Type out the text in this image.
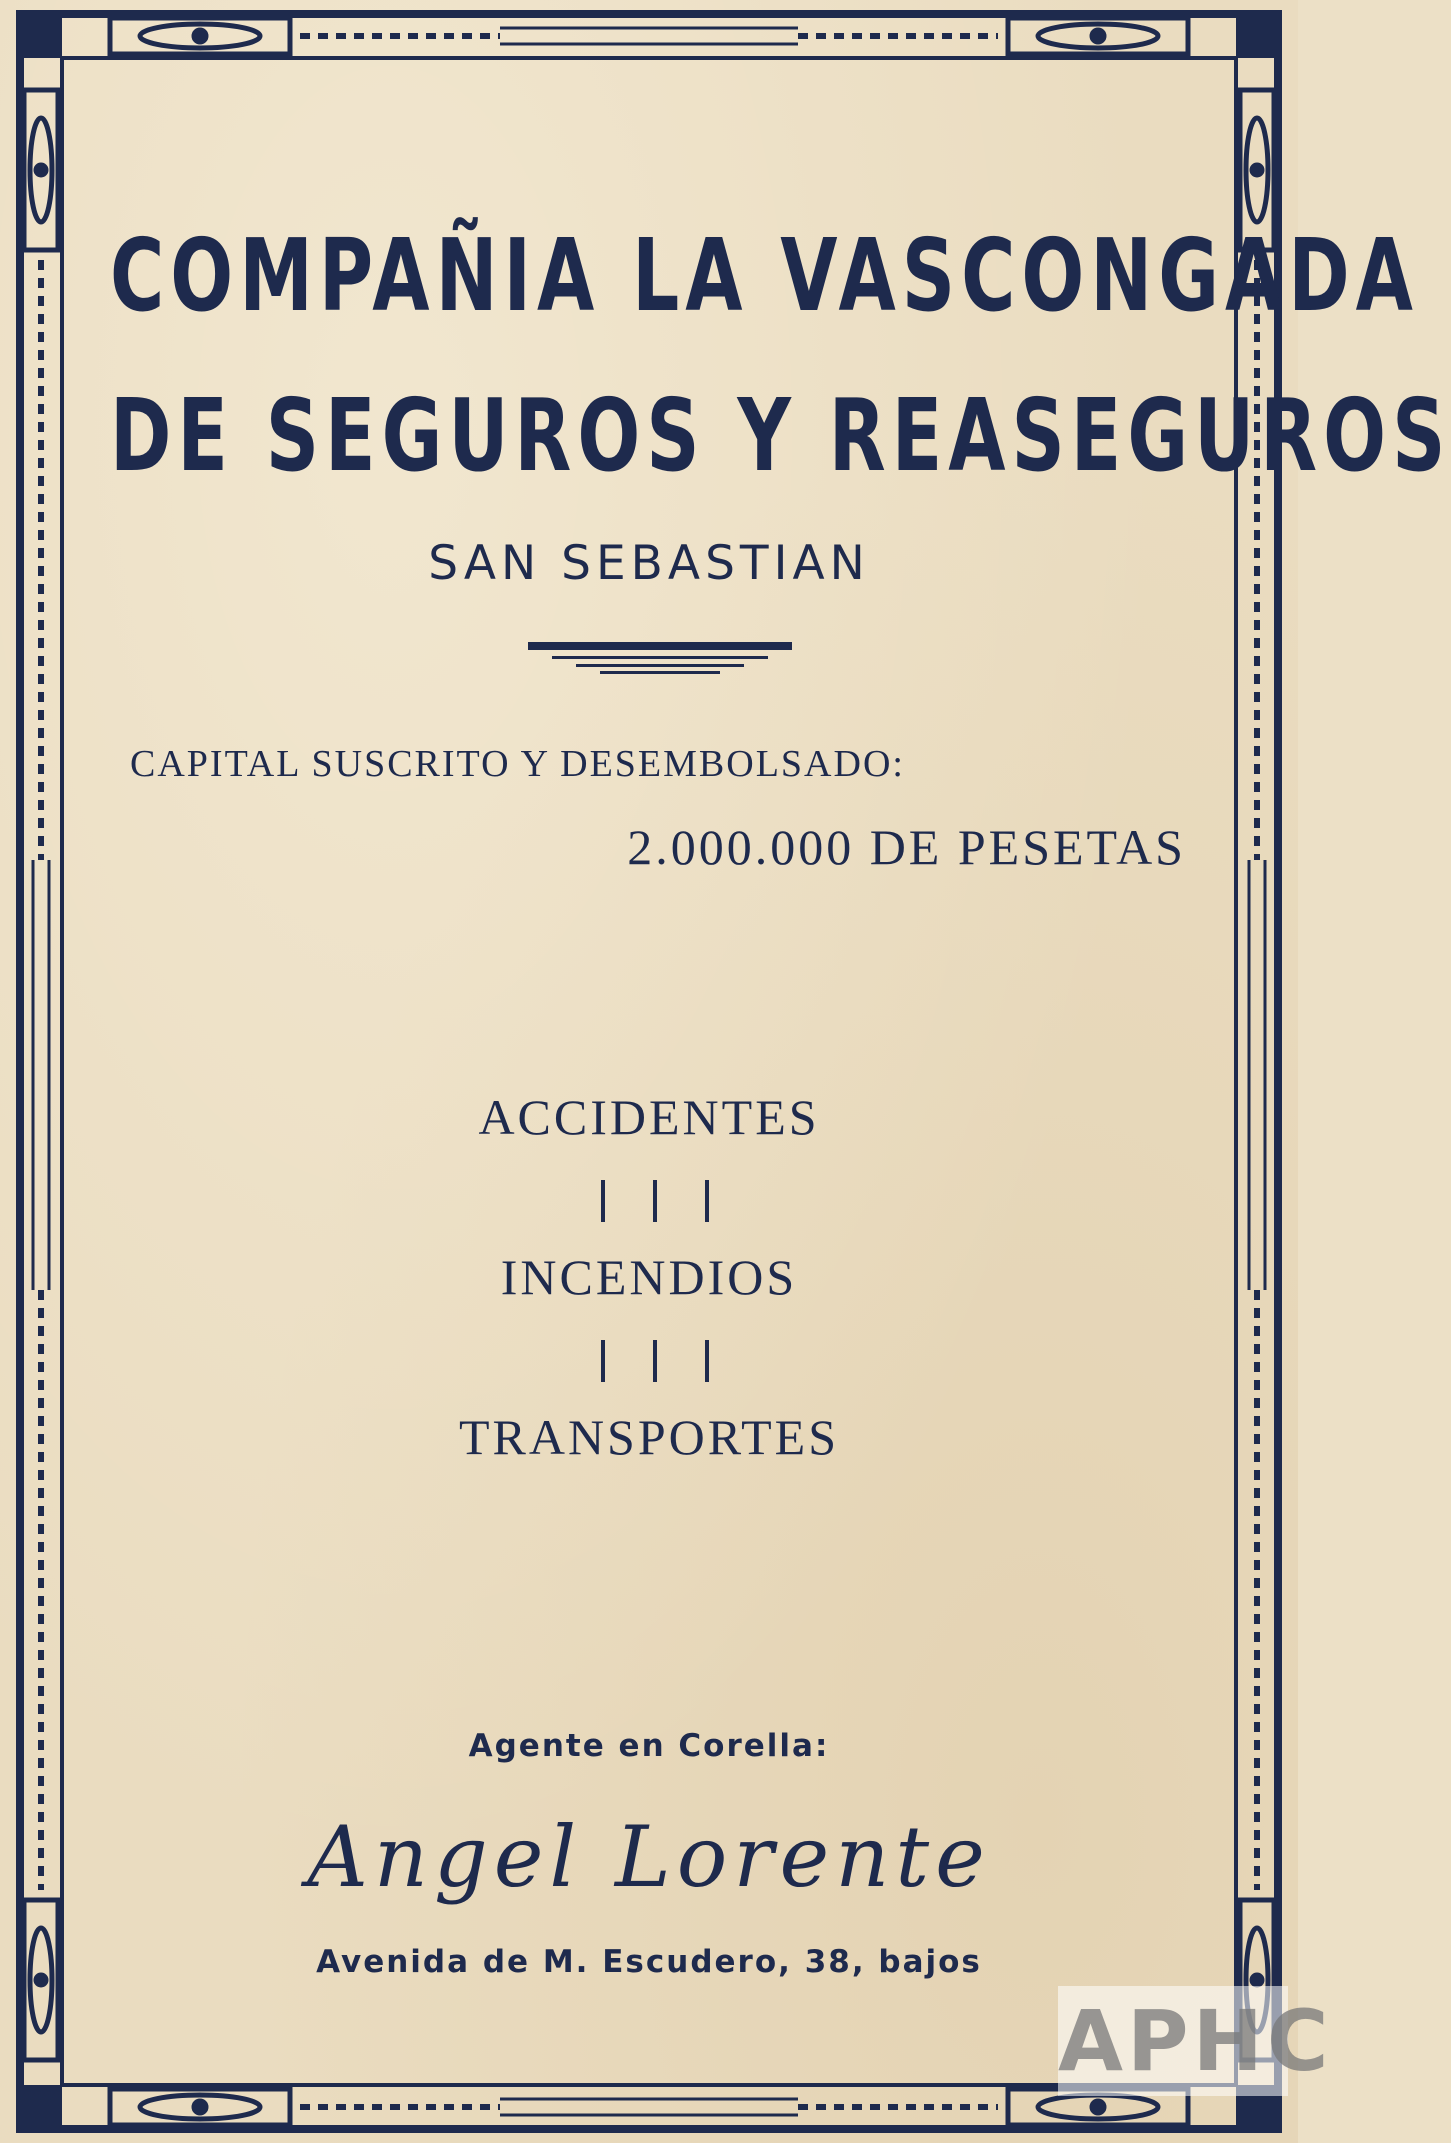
COMPAÑIA LA VASCONGADA
DE SEGUROS Y REASEGUROS
SAN SEBASTIAN
CAPITAL SUSCRITO Y DESEMBOLSADO:
2.000.000 DE PESETAS
ACCIDENTES
INCENDIOS
TRANSPORTES
Agente en Corella:
Angel Lorente
Avenida de M. Escudero, 38, bajos
APHC
